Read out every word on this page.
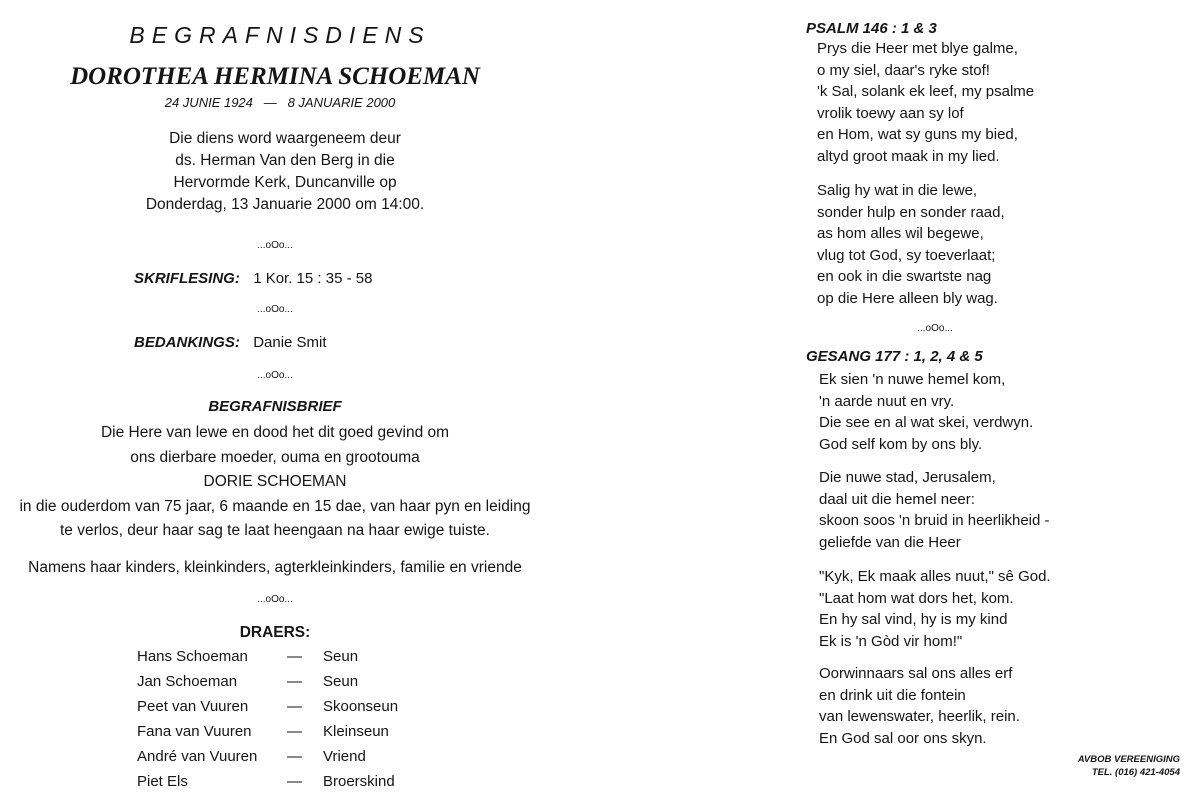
BEGRAFNISDIENS
DOROTHEA HERMINA SCHOEMAN
24 JUNIE 1924 — 8 JANUARIE 2000
Die diens word waargeneem deur
ds. Herman Van den Berg in die
Hervormde Kerk, Duncanville op
Donderdag, 13 Januarie 2000 om 14:00.
...oOo...
SKRIFLESING: 1 Kor. 15 : 35 - 58
...oOo...
BEDANKINGS: Danie Smit
...oOo...
BEGRAFNISBRIEF
Die Here van lewe en dood het dit goed gevind om
ons dierbare moeder, ouma en grootouma
DORIE SCHOEMAN
in die ouderdom van 75 jaar, 6 maande en 15 dae, van haar pyn en leiding
te verlos, deur haar sag te laat heengaan na haar ewige tuiste.
Namens haar kinders, kleinkinders, agterkleinkinders, familie en vriende
...oOo...
DRAERS:
Hans Schoeman	— Seun
Jan Schoeman	— Seun
Peet van Vuuren	— Skoonseun
Fana van Vuuren — Kleinseun
André van Vuuren — Vriend
Piet Els	— Broerskind
PSALM 146 : 1 & 3
Prys die Heer met blye galme,
o my siel, daar's ryke stof!
'k Sal, solank ek leef, my psalme
vrolik toewy aan sy lof
en Hom, wat sy guns my bied,
altyd groot maak in my lied.
Salig hy wat in die lewe,
sonder hulp en sonder raad,
as hom alles wil begewe,
vlug tot God, sy toeverlaat;
en ook in die swartste nag
op die Here alleen bly wag.
...oOo...
GESANG 177 : 1, 2, 4 & 5
Ek sien 'n nuwe hemel kom,
'n aarde nuut en vry.
Die see en al wat skei, verdwyn.
God self kom by ons bly.
Die nuwe stad, Jerusalem,
daal uit die hemel neer:
skoon soos 'n bruid in heerlikheid -
geliefde van die Heer
"Kyk, Ek maak alles nuut," sê God.
"Laat hom wat dors het, kom.
En hy sal vind, hy is my kind
Ek is 'n Gòd vir hom!"
Oorwinnaars sal ons alles erf
en drink uit die fontein
van lewenswater, heerlik, rein.
En God sal oor ons skyn.
AVBOB VEREENIGING
TEL. (016) 421-4054
